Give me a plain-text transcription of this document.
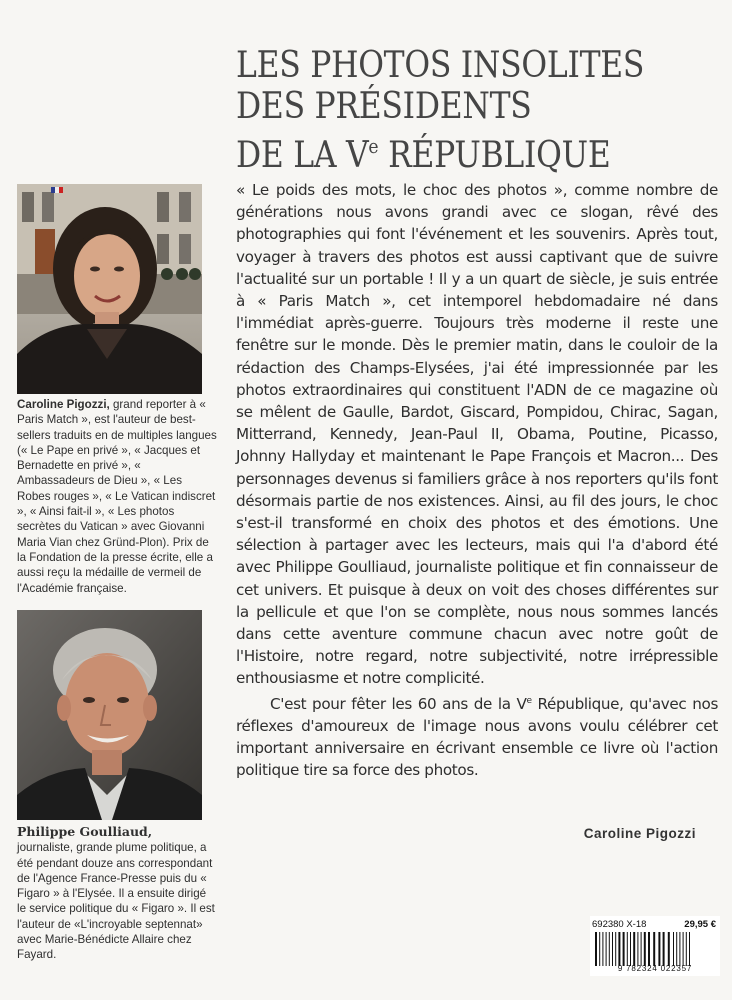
LES PHOTOS INSOLITES
DES PRÉSIDENTS
DE LA Ve RÉPUBLIQUE
Caroline Pigozzi, grand reporter à « Paris Match », est l'auteur de best-sellers traduits en de multiples langues (« Le Pape en privé », « Jacques et Bernadette en privé », « Ambassadeurs de Dieu », « Les Robes rouges », « Le Vatican indiscret », « Ainsi fait-il », « Les photos secrètes du Vatican » avec Giovanni Maria Vian chez Gründ-Plon). Prix de la Fondation de la presse écrite, elle a aussi reçu la médaille de vermeil de l'Académie française.
Philippe Goulliaud,
journaliste, grande plume politique, a été pendant douze ans correspondant de l'Agence France-Presse puis du « Figaro » à l'Elysée. Il a ensuite dirigé le service politique du « Figaro ». Il est l'auteur de «L'incroyable septennat» avec Marie-Bénédicte Allaire chez Fayard.

« Le poids des mots, le choc des photos », comme nombre de générations nous avons grandi avec ce slogan, rêvé des photographies qui font l'événement et les souvenirs. Après tout, voyager à travers des photos est aussi captivant que de suivre l'actualité sur un portable ! Il y a un quart de siècle, je suis entrée à « Paris Match », cet intemporel hebdomadaire né dans l'immédiat après-guerre. Toujours très moderne il reste une fenêtre sur le monde. Dès le premier matin, dans le couloir de la rédaction des Champs-Elysées, j'ai été impressionnée par les photos extraordinaires qui constituent l'ADN de ce magazine où se mêlent de Gaulle, Bardot, Giscard, Pompidou, Chirac, Sagan, Mitterrand, Kennedy, Jean-Paul II, Obama, Poutine, Picasso, Johnny Hallyday et maintenant le Pape François et Macron... Des personnages devenus si familiers grâce à nos reporters qu'ils font désormais partie de nos existences. Ainsi, au fil des jours, le choc s'est-il transformé en choix des photos et des émotions. Une sélection à partager avec les lecteurs, mais qui l'a d'abord été avec Philippe Goulliaud, journaliste politique et fin connaisseur de cet univers. Et puisque à deux on voit des choses différentes sur la pellicule et que l'on se complète, nous nous sommes lancés dans cette aventure commune chacun avec notre goût de l'Histoire, notre regard, notre subjectivité, notre irrépressible enthousiasme et notre complicité.

C'est pour fêter les 60 ans de la Ve République, qu'avec nos réflexes d'amoureux de l'image nous avons voulu célébrer cet important anniversaire en écrivant ensemble ce livre où l'action politique tire sa force des photos.

Caroline Pigozzi
692380 X-18	29,95 €
9 782324 022357
